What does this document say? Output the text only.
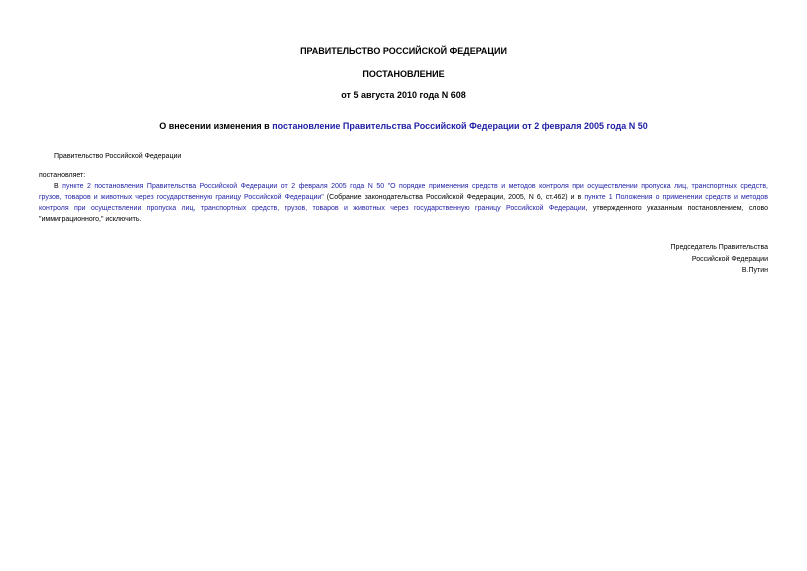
ПРАВИТЕЛЬСТВО РОССИЙСКОЙ ФЕДЕРАЦИИ
ПОСТАНОВЛЕНИЕ
от 5 августа 2010 года N 608
О внесении изменения в постановление Правительства Российской Федерации от 2 февраля 2005 года N 50
Правительство Российской Федерации
постановляет:
В пункте 2 постановления Правительства Российской Федерации от 2 февраля 2005 года N 50 "О порядке применения средств и методов контроля при осуществлении пропуска лиц, транспортных средств,
грузов, товаров и животных через государственную границу Российской Федерации" (Собрание законодательства Российской Федерации, 2005, N 6, ст.462) и в пункте 1 Положения о применении средств и методов
контроля при осуществлении пропуска лиц, транспортных средств, грузов, товаров и животных через государственную границу Российской Федерации, утвержденного указанным постановлением, слово
"иммиграционного," исключить.
Председатель Правительства
Российской Федерации
В.Путин
